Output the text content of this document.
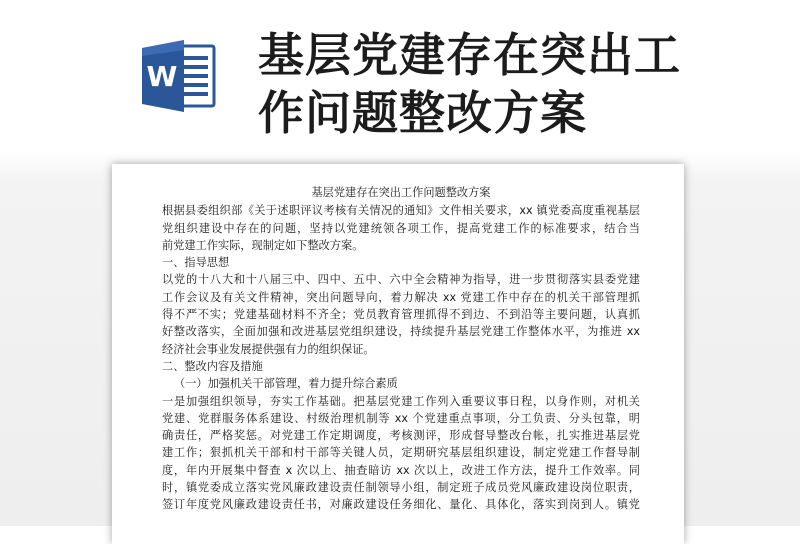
W 基层党建存在突出工
作问题整改方案
基层党建存在突出工作问题整改方案
根据县委组织部《关于述职评议考核有关情况的通知》文件相关要求，xx 镇党委高度重视基层
党组织建设中存在的问题，坚持以党建统领各项工作，提高党建工作的标准要求，结合当
前党建工作实际，现制定如下整改方案。
一、指导思想
以党的十八大和十八届三中、四中、五中、六中全会精神为指导，进一步贯彻落实县委党建
工作会议及有关文件精神，突出问题导向，着力解决 xx 党建工作中存在的机关干部管理抓
得不严不实；党建基础材料不齐全；党员教育管理抓得不到边、不到沿等主要问题，认真抓
好整改落实，全面加强和改进基层党组织建设，持续提升基层党建工作整体水平，为推进 xx
经济社会事业发展提供强有力的组织保证。
二、整改内容及措施
（一）加强机关干部管理，着力提升综合素质
一是加强组织领导，夯实工作基础。把基层党建工作列入重要议事日程，以身作则，对机关
党建、党群服务体系建设、村级治理机制等 xx 个党建重点事项，分工负责、分头包靠，明
确责任，严格奖惩。对党建工作定期调度，考核测评，形成督导整改台帐，扎实推进基层党
建工作；狠抓机关干部和村干部等关键人员，定期研究基层组织建设，制定党建工作督导制
度，年内开展集中督查 x 次以上、抽查暗访 xx 次以上，改进工作方法，提升工作效率。同
时，镇党委成立落实党风廉政建设责任制领导小组，制定班子成员党风廉政建设岗位职责，
签订年度党风廉政建设责任书，对廉政建设任务细化、量化、具体化，落实到岗到人。镇党
